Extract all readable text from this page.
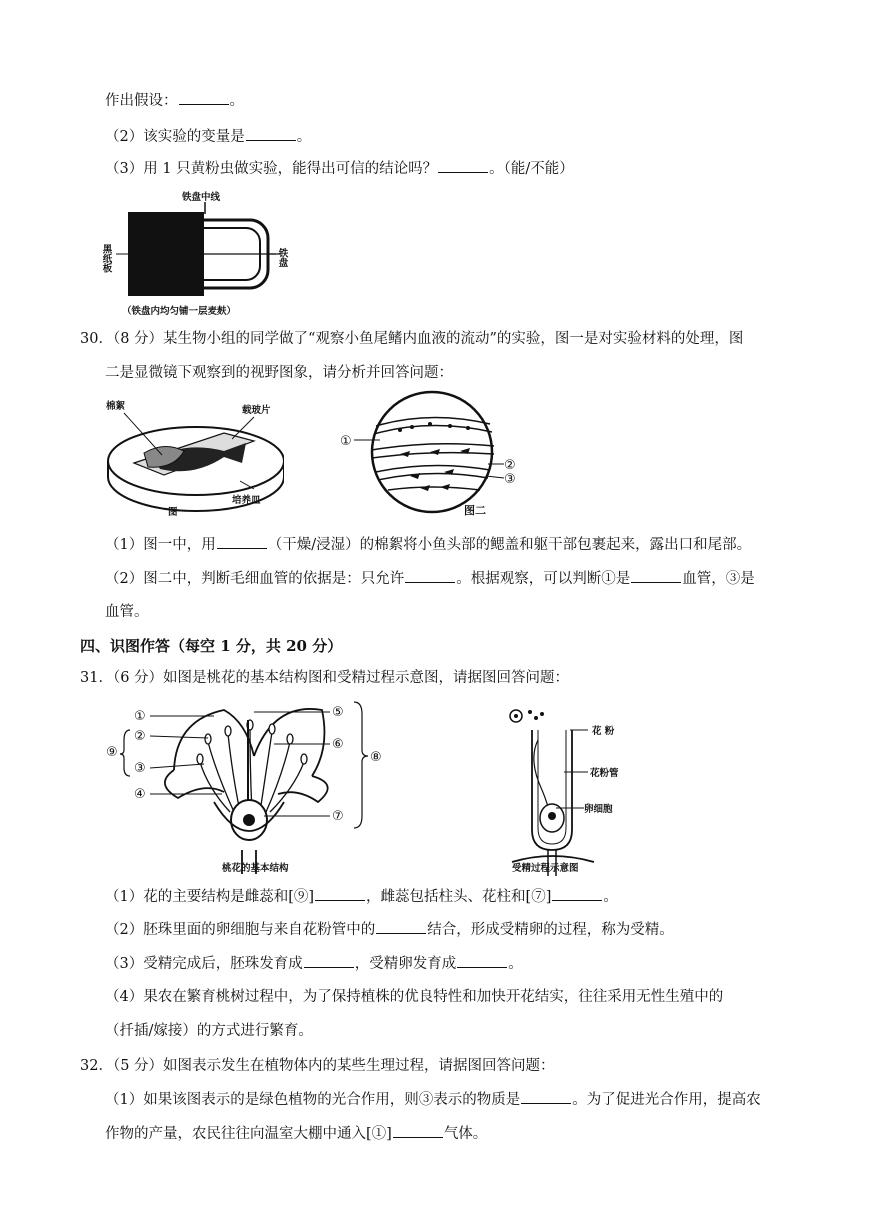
作出假设：	。
（2）该实验的变量是	。
（3）用 1 只黄粉虫做实验，能得出可信的结论吗？	。（能/不能）
铁盘中线
黑纸板	铁盘
（铁盘内均匀铺一层麦麸）
30．（8 分）某生物小组的同学做了“观察小鱼尾鳍内血液的流动”的实验，图一是对实验材料的处理，图
二是显微镜下观察到的视野图象，请分析并回答问题：
棉絮	载玻片
培养皿
图一
①
②
③
图二
（1）图一中，用	（干燥/浸湿）的棉絮将小鱼头部的鳃盖和躯干部包裹起来，露出口和尾部。
（2）图二中，判断毛细血管的依据是：只允许	。根据观察，可以判断①是	血管，③是
血管。
四、识图作答（每空 1 分，共 20 分）
31．（6 分）如图是桃花的基本结构图和受精过程示意图，请据图回答问题：
①
②
③
④
⑨
⑤
⑥
⑦
⑧
桃花的基本结构
花 粉
花粉管
卵细胞
受精过程示意图
（1）花的主要结构是雌蕊和[⑨]	，雌蕊包括柱头、花柱和[⑦]	。
（2）胚珠里面的卵细胞与来自花粉管中的	结合，形成受精卵的过程，称为受精。
（3）受精完成后，胚珠发育成	，受精卵发育成	。
（4）果农在繁育桃树过程中，为了保持植株的优良特性和加快开花结实，往往采用无性生殖中的
（扦插/嫁接）的方式进行繁育。
32．（5 分）如图表示发生在植物体内的某些生理过程，请据图回答问题：
（1）如果该图表示的是绿色植物的光合作用，则③表示的物质是	。为了促进光合作用，提高农
作物的产量，农民往往向温室大棚中通入[①]	气体。
